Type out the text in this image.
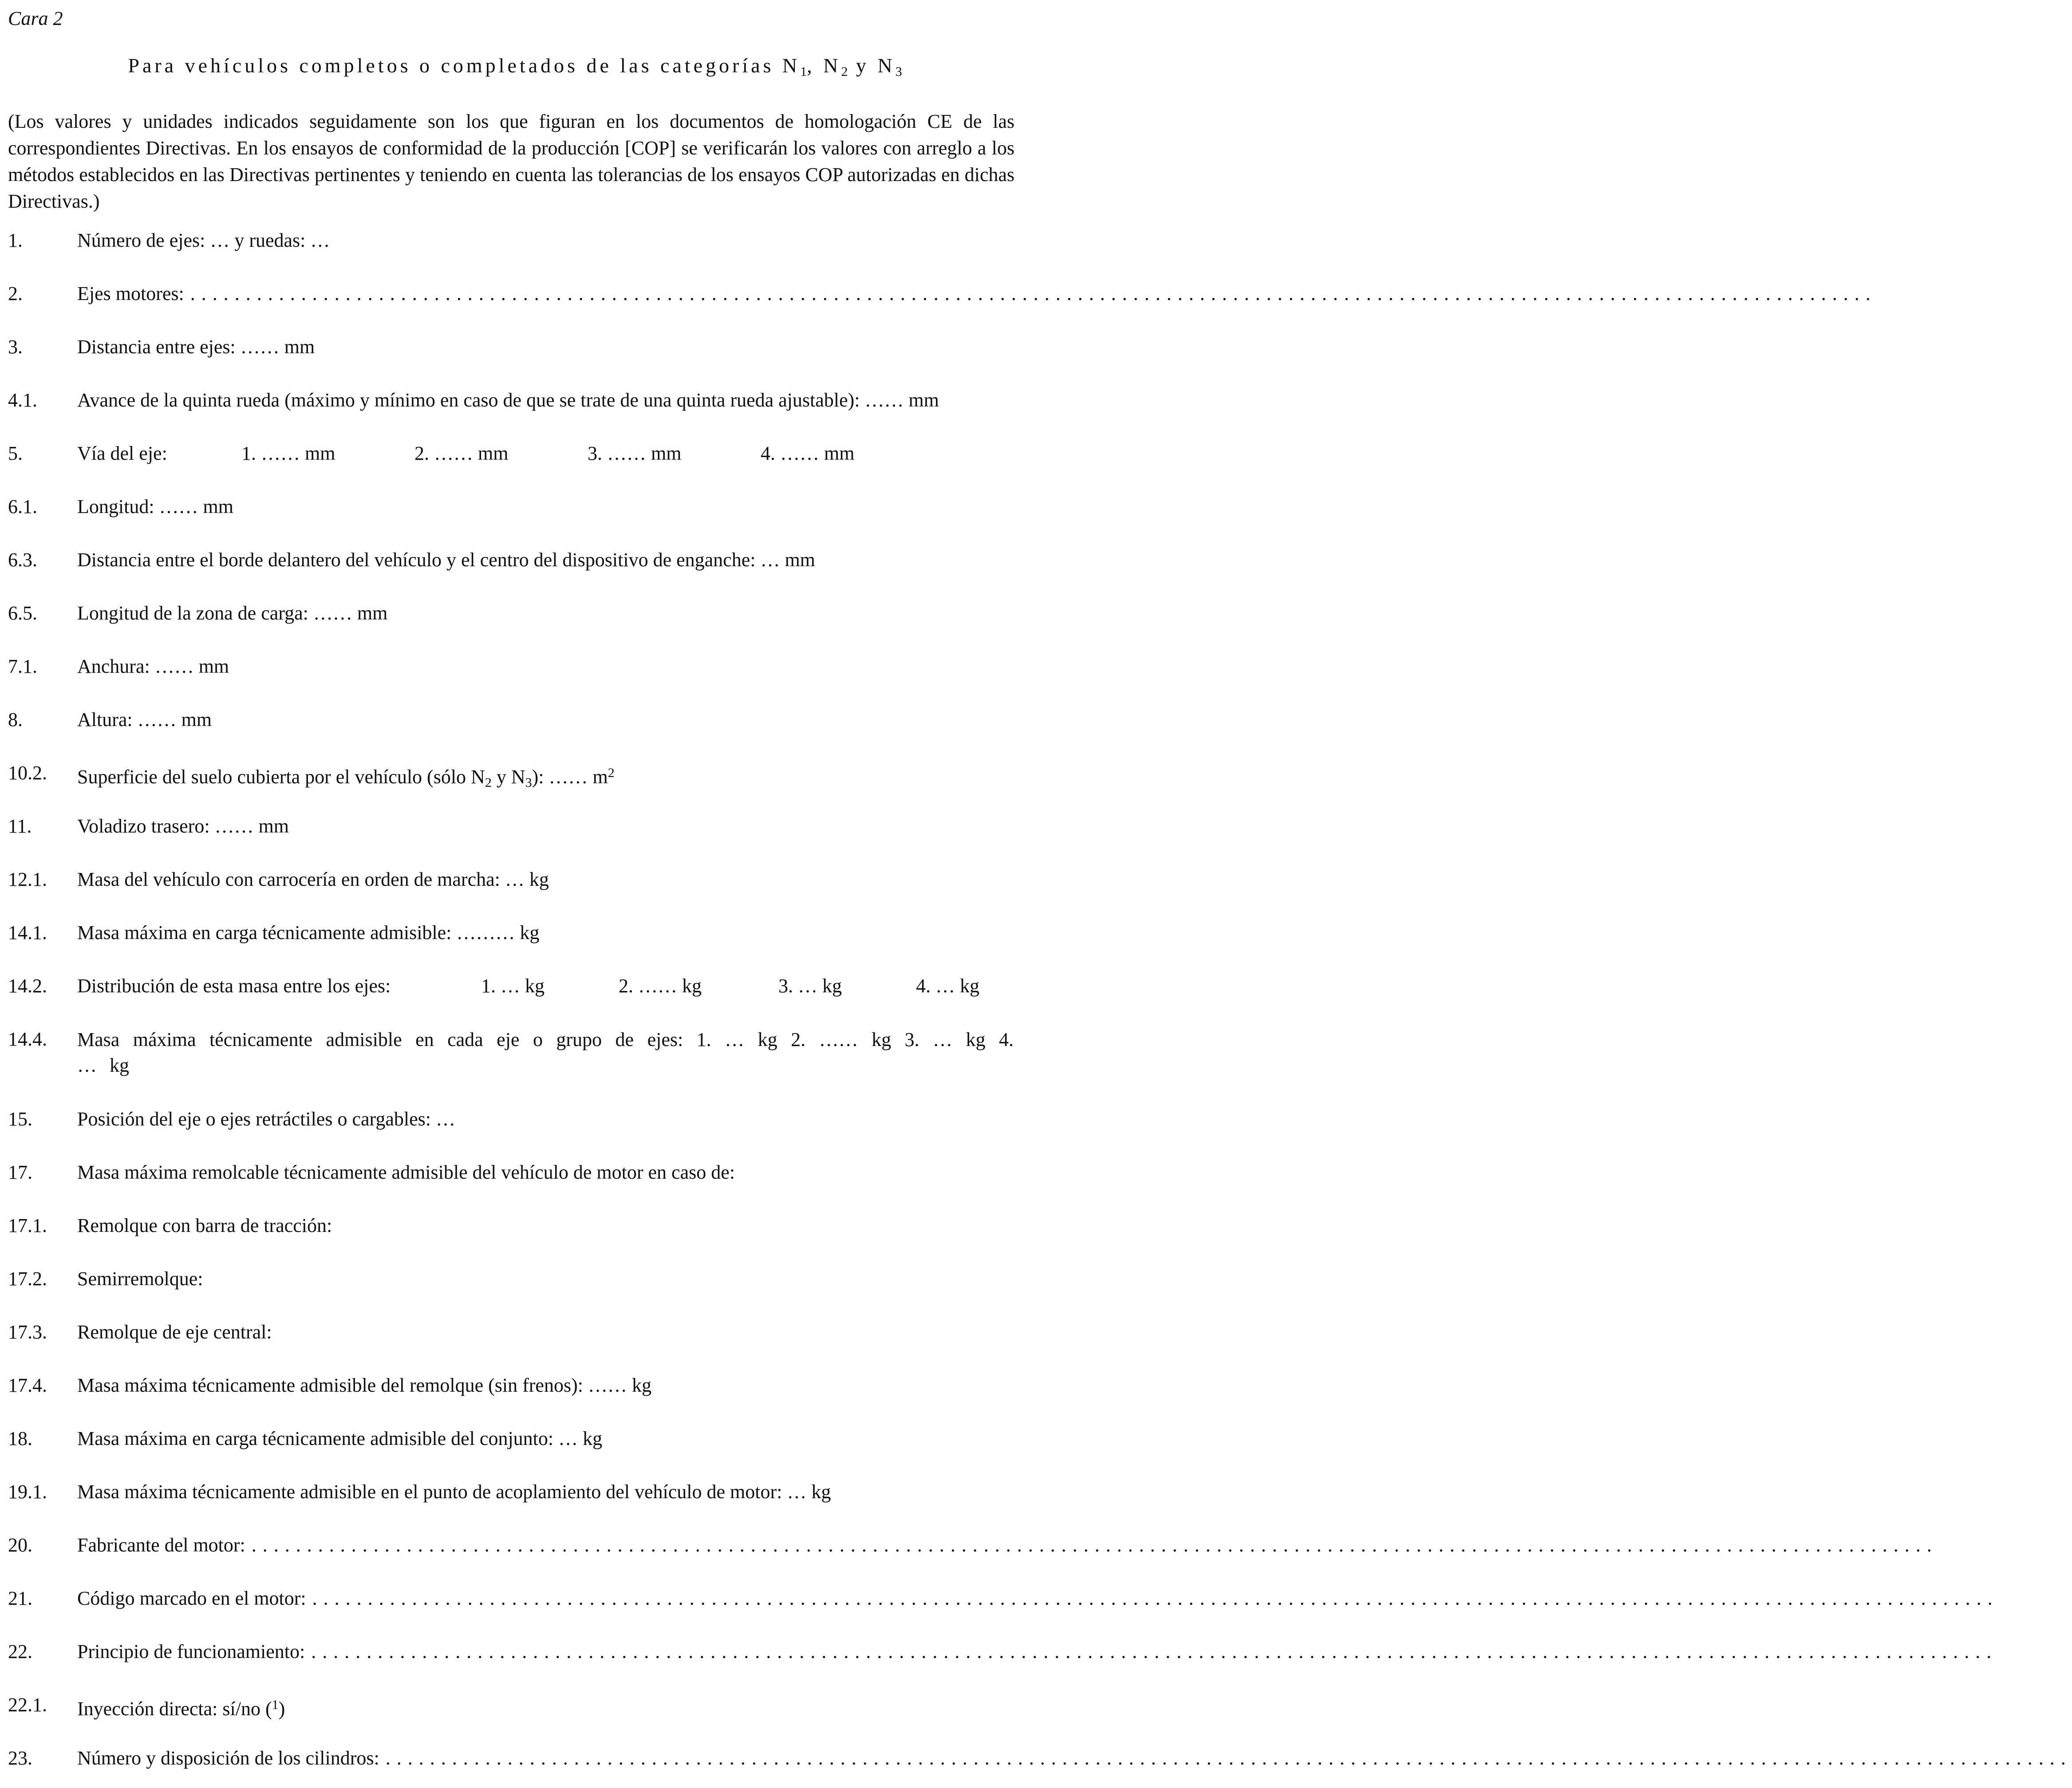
Cara 2
Para vehículos completos o completados de las categorías $N_1$, $N_2$ y $N_3$
(Los valores y unidades indicados seguidamente son los que figuran en los documentos de homologación CE de las correspondientes Directivas. En los ensayos de conformidad de la producción [COP] se verificarán los valores con arreglo a los métodos establecidos en las Directivas pertinentes y teniendo en cuenta las tolerancias de los ensayos COP autorizadas en dichas Directivas.)
1.	Número de ejes: … y ruedas: …
2.	Ejes motores: ........................................................................................................................................................
3.	Distancia entre ejes: …… mm
4.1. Avance de la quinta rueda (máximo y mínimo en caso de que se trate de una quinta rueda ajustable): …… mm
5.	Vía del eje:	1. …… mm	2. …… mm	3. …… mm	4. …… mm
6.1. Longitud: …… mm
6.3. Distancia entre el borde delantero del vehículo y el centro del dispositivo de enganche: … mm
6.5. Longitud de la zona de carga: …… mm
7.1. Anchura: …… mm
8.	Altura: …… mm
10.2. Superficie del suelo cubierta por el vehículo (sólo $N_2$ y $N_3$): …… $m^2$
11. Voladizo trasero: …… mm
12.1. Masa del vehículo con carrocería en orden de marcha: … kg
14.1. Masa máxima en carga técnicamente admisible: ……… kg
14.2. Distribución de esta masa entre los ejes:	1. … kg	2. …… kg	3. … kg	4. … kg
14.4. Masa máxima técnicamente admisible en cada eje o grupo de ejes: 1. … kg 2. …… kg 3. … kg 4. … kg
15. Posición del eje o ejes retráctiles o cargables: …
17. Masa máxima remolcable técnicamente admisible del vehículo de motor en caso de:
17.1. Remolque con barra de tracción:
17.2. Semirremolque:
17.3. Remolque de eje central:
17.4. Masa máxima técnicamente admisible del remolque (sin frenos): …… kg
18. Masa máxima en carga técnicamente admisible del conjunto: … kg
19.1. Masa máxima técnicamente admisible en el punto de acoplamiento del vehículo de motor: … kg
20. Fabricante del motor: ........................................................................................................................................................
21. Código marcado en el motor: ........................................................................................................................................................
22. Principio de funcionamiento: ........................................................................................................................................................
22.1. Inyección directa: sí/no ($^1$)
23. Número y disposición de los cilindros: ........................................................................................................................................................
